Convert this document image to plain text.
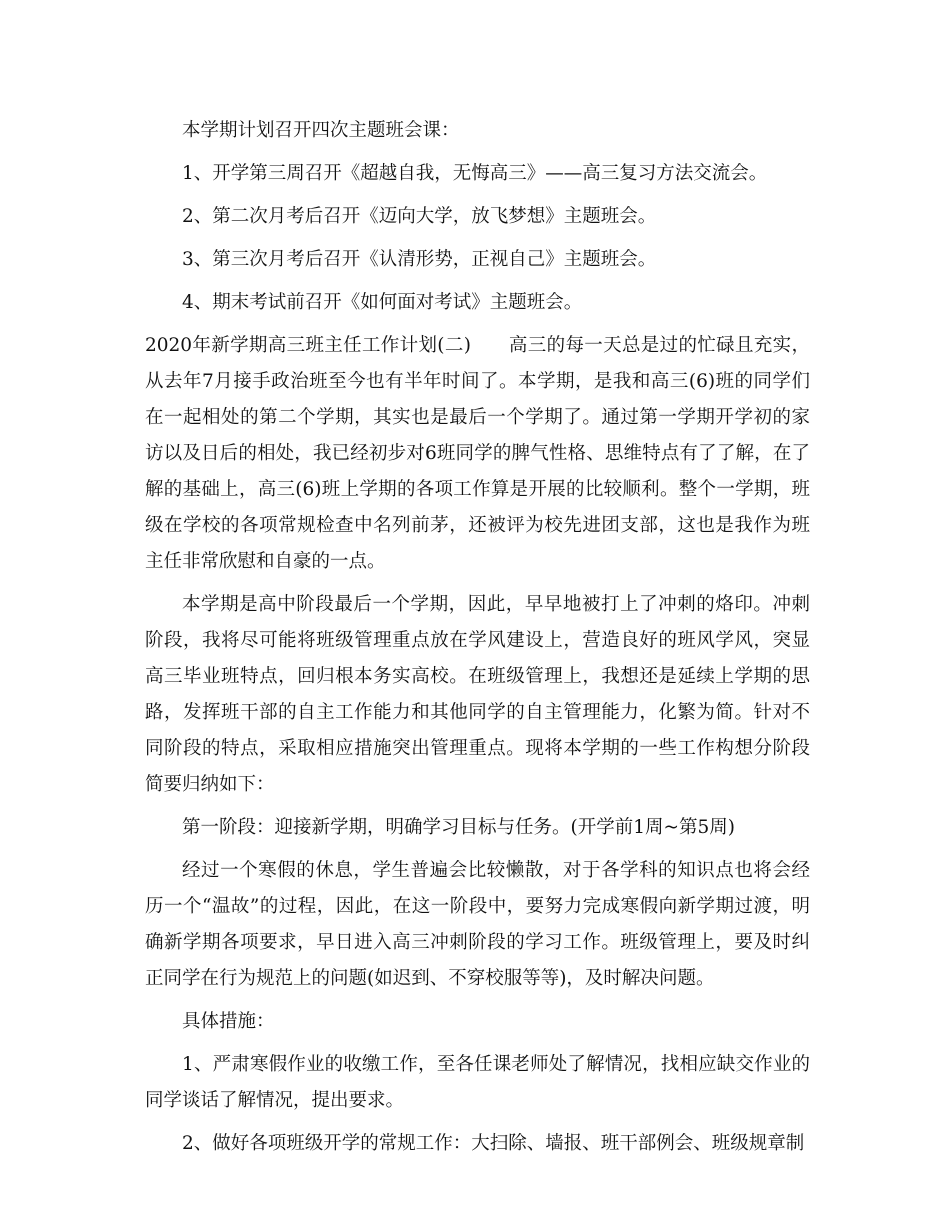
本学期计划召开四次主题班会课：

1、开学第三周召开《超越自我，无悔高三》——高三复习方法交流会。

2、第二次月考后召开《迈向大学，放飞梦想》主题班会。

3、第三次月考后召开《认清形势，正视自己》主题班会。

4、期末考试前召开《如何面对考试》主题班会。

2020年新学期高三班主任工作计划(二)　　高三的每一天总是过的忙碌且充实，从去年7月接手政治班至今也有半年时间了。本学期，是我和高三(6)班的同学们在一起相处的第二个学期，其实也是最后一个学期了。通过第一学期开学初的家访以及日后的相处，我已经初步对6班同学的脾气性格、思维特点有了了解，在了解的基础上，高三(6)班上学期的各项工作算是开展的比较顺利。整个一学期，班级在学校的各项常规检查中名列前茅，还被评为校先进团支部，这也是我作为班主任非常欣慰和自豪的一点。

本学期是高中阶段最后一个学期，因此，早早地被打上了冲刺的烙印。冲刺阶段，我将尽可能将班级管理重点放在学风建设上，营造良好的班风学风，突显高三毕业班特点，回归根本务实高校。在班级管理上，我想还是延续上学期的思路，发挥班干部的自主工作能力和其他同学的自主管理能力，化繁为简。针对不同阶段的特点，采取相应措施突出管理重点。现将本学期的一些工作构想分阶段简要归纳如下：

第一阶段：迎接新学期，明确学习目标与任务。(开学前1周~第5周)

经过一个寒假的休息，学生普遍会比较懒散，对于各学科的知识点也将会经历一个“温故”的过程，因此，在这一阶段中，要努力完成寒假向新学期过渡，明确新学期各项要求，早日进入高三冲刺阶段的学习工作。班级管理上，要及时纠正同学在行为规范上的问题(如迟到、不穿校服等等)，及时解决问题。

具体措施：

1、严肃寒假作业的收缴工作，至各任课老师处了解情况，找相应缺交作业的同学谈话了解情况，提出要求。

2、做好各项班级开学的常规工作：大扫除、墙报、班干部例会、班级规章制
